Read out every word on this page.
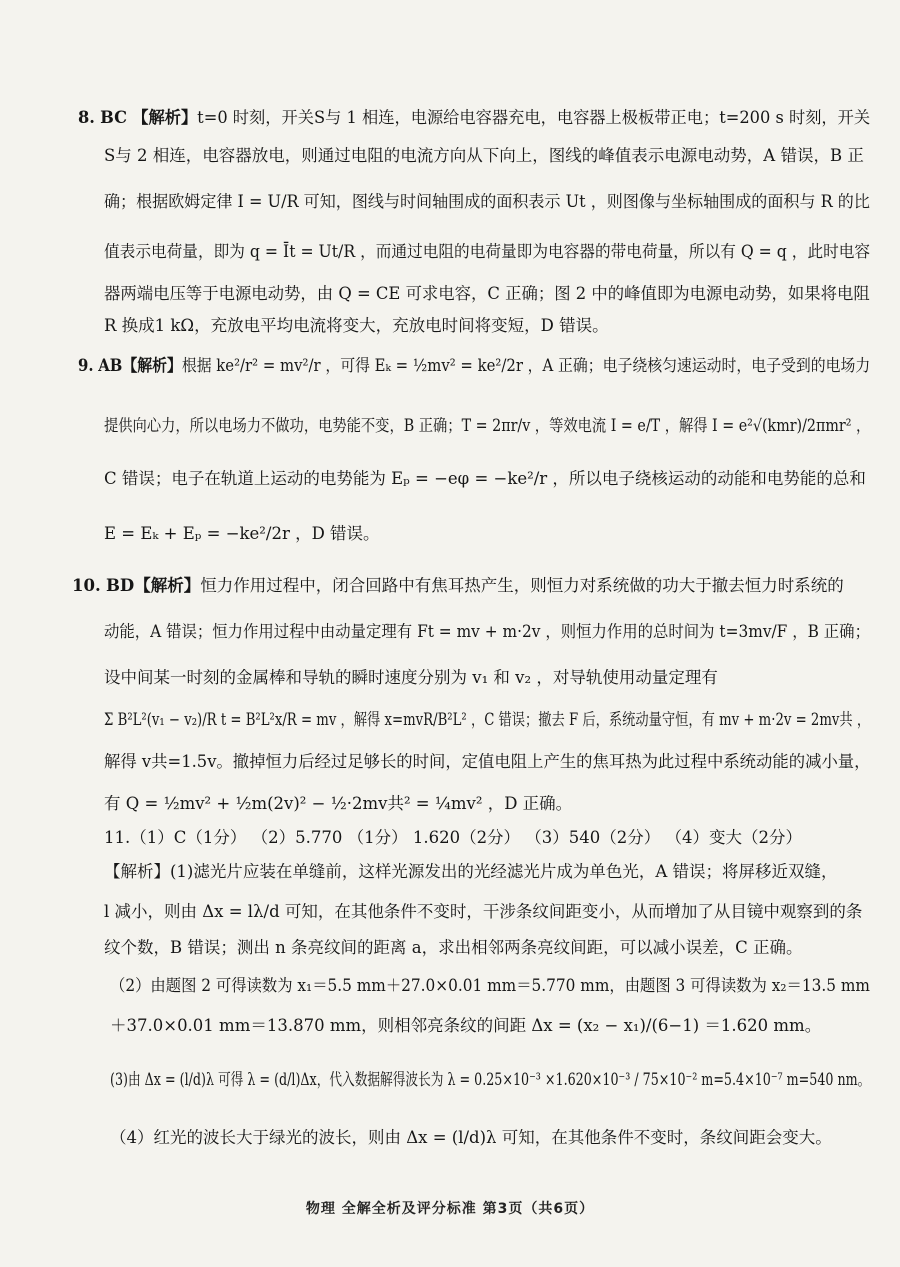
8. BC 【解析】t=0 时刻，开关S与 1 相连，电源给电容器充电，电容器上极板带正电；t=200 s 时刻，开关
S与 2 相连，电容器放电，则通过电阻的电流方向从下向上，图线的峰值表示电源电动势，A 错误，B 正
确；根据欧姆定律 I = U/R 可知，图线与时间轴围成的面积表示 Ut ，则图像与坐标轴围成的面积与 R 的比
值表示电荷量，即为 q = Īt = Ut/R ，而通过电阻的电荷量即为电容器的带电荷量，所以有 Q = q ，此时电容
器两端电压等于电源电动势，由 Q = CE 可求电容，C 正确；图 2 中的峰值即为电源电动势，如果将电阻
R 换成1 kΩ，充放电平均电流将变大，充放电时间将变短，D 错误。
9. AB【解析】根据 ke²/r² = mv²/r ，可得 Eₖ = ½mv² = ke²/2r ，A 正确；电子绕核匀速运动时，电子受到的电场力
提供向心力，所以电场力不做功，电势能不变，B 正确；T = 2πr/v ，等效电流 I = e/T ，解得 I = e²√(kmr)/2πmr² ，
C 错误；电子在轨道上运动的电势能为 Eₚ = −eφ = −ke²/r ，所以电子绕核运动的动能和电势能的总和
E = Eₖ + Eₚ = −ke²/2r ，D 错误。
10. BD【解析】恒力作用过程中，闭合回路中有焦耳热产生，则恒力对系统做的功大于撤去恒力时系统的
动能，A 错误；恒力作用过程中由动量定理有 Ft = mv + m·2v ，则恒力作用的总时间为 t=3mv/F ，B 正确；
设中间某一时刻的金属棒和导轨的瞬时速度分别为 v₁ 和 v₂ ，对导轨使用动量定理有
Σ B²L²(v₁ − v₂)/R t = B²L²x/R = mv ，解得 x=mvR/B²L² ，C 错误；撤去 F 后，系统动量守恒，有 mv + m·2v = 2mv共 ，
解得 v共=1.5v。撤掉恒力后经过足够长的时间，定值电阻上产生的焦耳热为此过程中系统动能的减小量，
有 Q = ½mv² + ½m(2v)² − ½·2mv共² = ¼mv² ，D 正确。
11.（1）C（1分） （2）5.770 （1分） 1.620（2分） （3）540（2分） （4）变大（2分）
【解析】(1)滤光片应装在单缝前，这样光源发出的光经滤光片成为单色光，A 错误；将屏移近双缝，
l 减小，则由 Δx = lλ/d 可知，在其他条件不变时，干涉条纹间距变小，从而增加了从目镜中观察到的条
纹个数，B 错误；测出 n 条亮纹间的距离 a，求出相邻两条亮纹间距，可以减小误差，C 正确。
（2）由题图 2 可得读数为 x₁＝5.5 mm＋27.0×0.01 mm＝5.770 mm，由题图 3 可得读数为 x₂＝13.5 mm
＋37.0×0.01 mm＝13.870 mm，则相邻亮条纹的间距 Δx = (x₂ − x₁)/(6−1) ＝1.620 mm。
(3)由 Δx = (l/d)λ 可得 λ = (d/l)Δx，代入数据解得波长为 λ = 0.25×10⁻³ ×1.620×10⁻³ / 75×10⁻² m=5.4×10⁻⁷ m=540 nm。
（4）红光的波长大于绿光的波长，则由 Δx = (l/d)λ 可知，在其他条件不变时，条纹间距会变大。
物理 全解全析及评分标准 第3页（共6页）
